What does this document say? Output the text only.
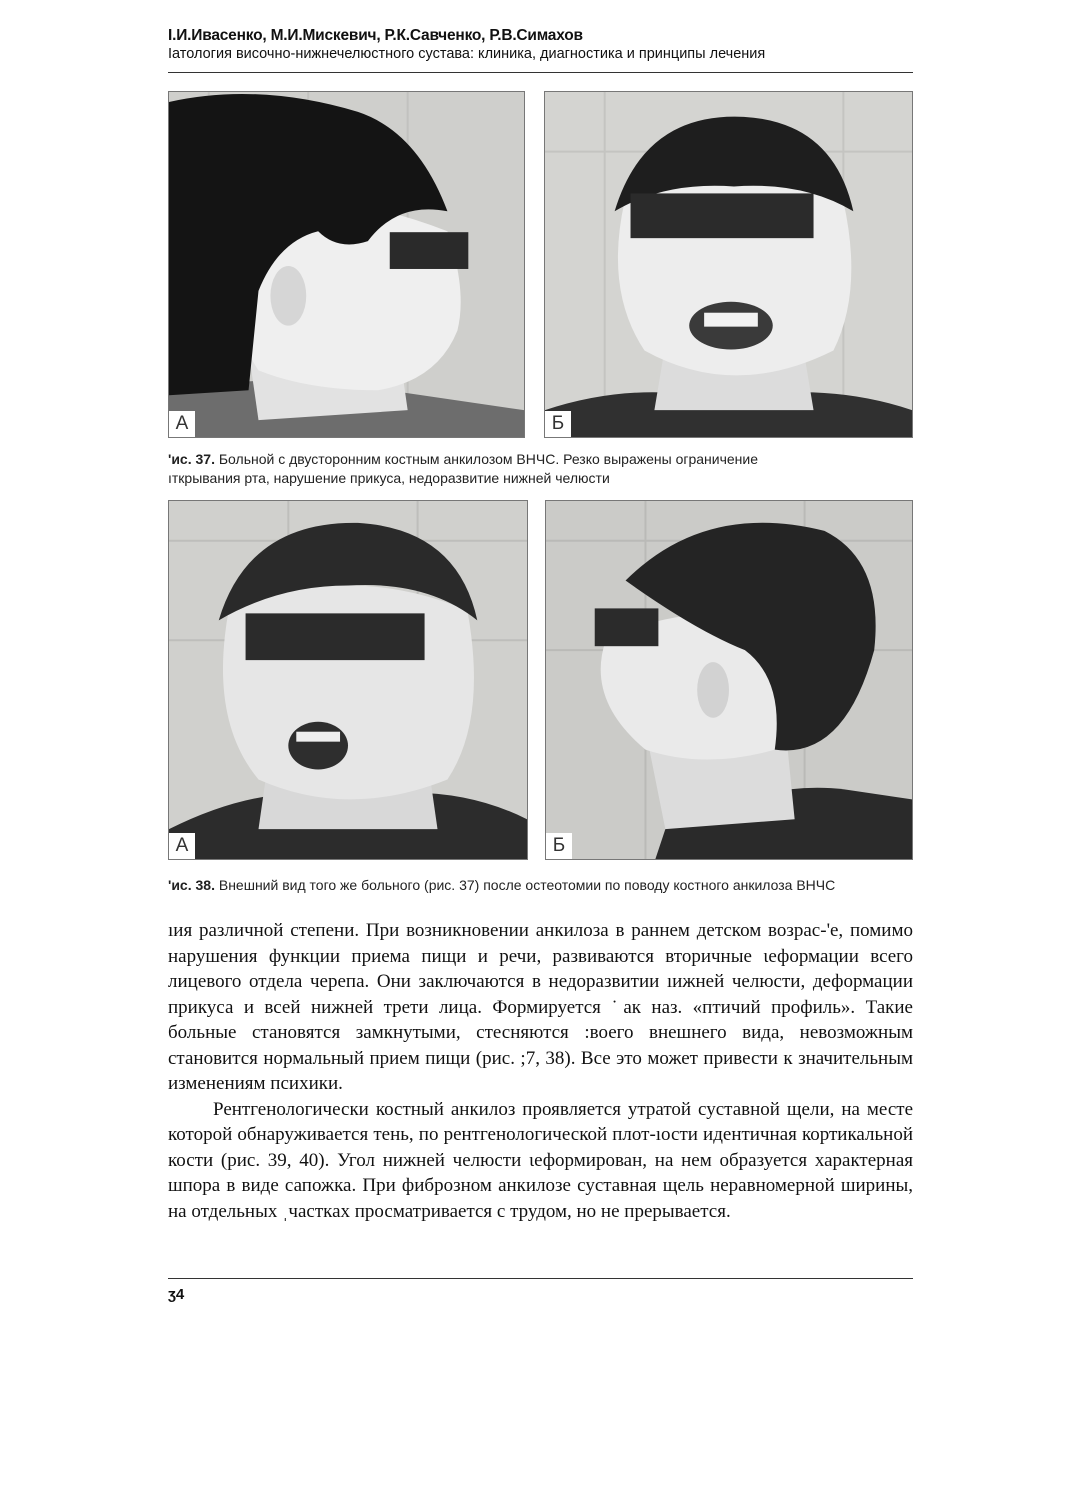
І.И.Ивасенко, М.И.Мискевич, Р.К.Савченко, Р.В.Симахов
Іатология височно-нижнечелюстного сустава: клиника, диагностика и принципы лечения
А	Б
'ис. 37. Больной с двусторонним костным анкилозом ВНЧС. Резко выражены ограничение
ıткрывания рта, нарушение прикуса, недоразвитие нижней челюсти
А	Б
'ис. 38. Внешний вид того же больного (рис. 37) после остеотомии по поводу костного анкилоза ВНЧС

ıия различной степени. При возникновении анкилоза в раннем детском возрас-'е, помимо нарушения функции приема пищи и речи, развиваются вторичные ιеформации всего лицевого отдела черепа. Они заключаются в недоразвитии ıижней челюсти, деформации прикуса и всей нижней трети лица. Формируется ˙ак наз. «птичий профиль». Такие больные становятся замкнутыми, стесняются :воего внешнего вида, невозможным становится нормальный прием пищи (рис. ;7, 38). Все это может привести к значительным изменениям психики.

Рентгенологически костный анкилоз проявляется утратой суставной щели, на месте которой обнаруживается тень, по рентгенологической плот-ıости идентичная кортикальной кости (рис. 39, 40). Угол нижней челюсти ιеформирован, на нем образуется характерная шпора в виде сапожка. При фиброзном анкилозе суставная щель неравномерной ширины, на отдельных ˌчастках просматривается с трудом, но не прерывается.

ʒ4
